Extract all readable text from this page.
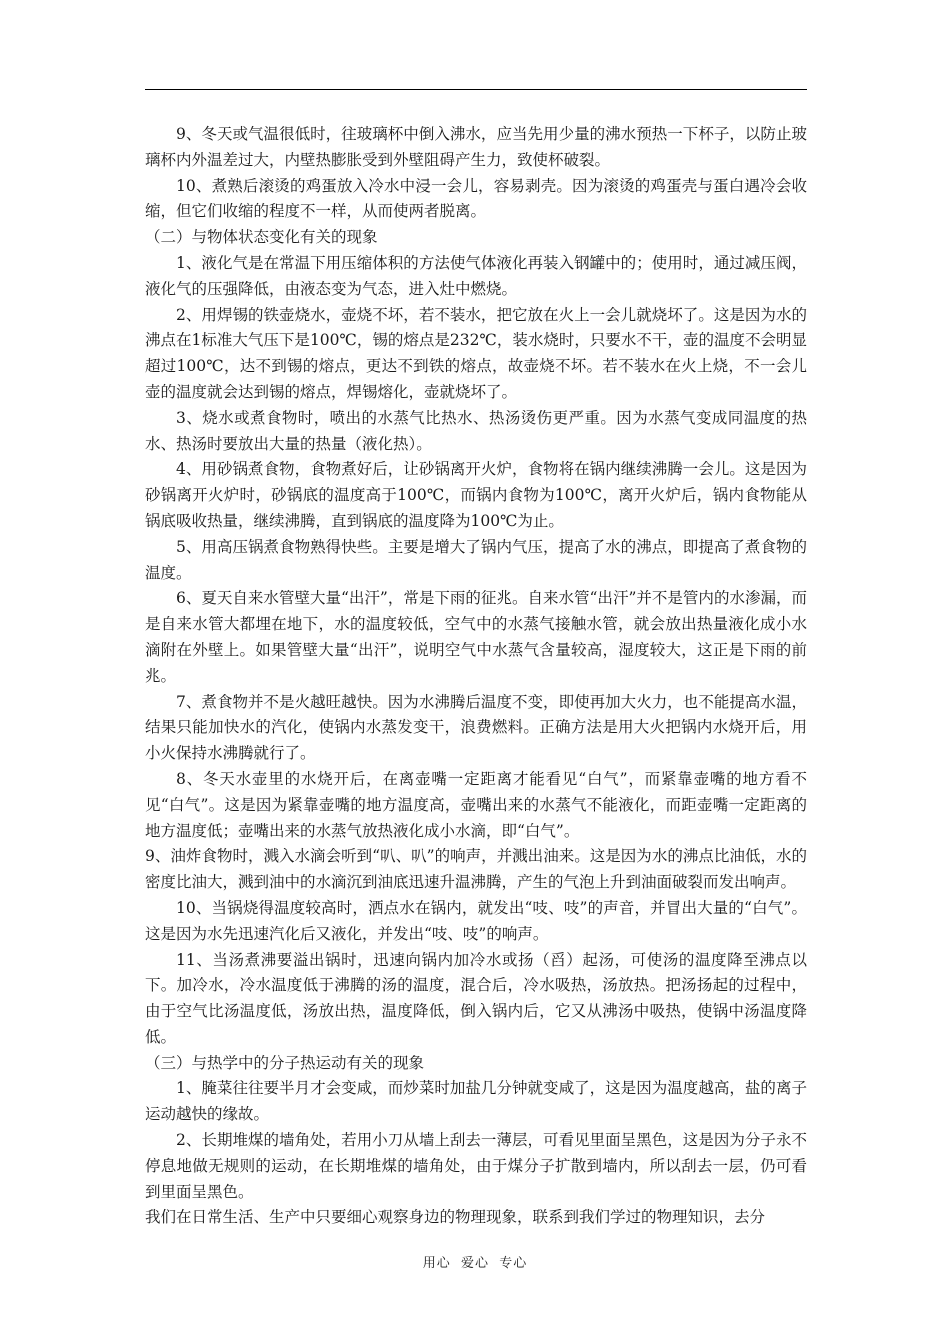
9、冬天或气温很低时，往玻璃杯中倒入沸水，应当先用少量的沸水预热一下杯子，以防止玻璃杯内外温差过大，内壁热膨胀受到外壁阻碍产生力，致使杯破裂。

10、煮熟后滚烫的鸡蛋放入冷水中浸一会儿，容易剥壳。因为滚烫的鸡蛋壳与蛋白遇冷会收缩，但它们收缩的程度不一样，从而使两者脱离。

（二）与物体状态变化有关的现象

1、液化气是在常温下用压缩体积的方法使气体液化再装入钢罐中的；使用时，通过减压阀，液化气的压强降低，由液态变为气态，进入灶中燃烧。

2、用焊锡的铁壶烧水，壶烧不坏，若不装水，把它放在火上一会儿就烧坏了。这是因为水的沸点在1标准大气压下是100℃，锡的熔点是232℃，装水烧时，只要水不干，壶的温度不会明显超过100℃，达不到锡的熔点，更达不到铁的熔点，故壶烧不坏。若不装水在火上烧，不一会儿壶的温度就会达到锡的熔点，焊锡熔化，壶就烧坏了。

3、烧水或煮食物时，喷出的水蒸气比热水、热汤烫伤更严重。因为水蒸气变成同温度的热水、热汤时要放出大量的热量（液化热）。

4、用砂锅煮食物，食物煮好后，让砂锅离开火炉，食物将在锅内继续沸腾一会儿。这是因为砂锅离开火炉时，砂锅底的温度高于100℃，而锅内食物为100℃，离开火炉后，锅内食物能从锅底吸收热量，继续沸腾，直到锅底的温度降为100℃为止。

5、用高压锅煮食物熟得快些。主要是增大了锅内气压，提高了水的沸点，即提高了煮食物的温度。

6、夏天自来水管壁大量“出汗”，常是下雨的征兆。自来水管“出汗”并不是管内的水渗漏，而是自来水管大都埋在地下，水的温度较低，空气中的水蒸气接触水管，就会放出热量液化成小水滴附在外壁上。如果管壁大量“出汗”，说明空气中水蒸气含量较高，湿度较大，这正是下雨的前兆。

7、煮食物并不是火越旺越快。因为水沸腾后温度不变，即使再加大火力，也不能提高水温，结果只能加快水的汽化，使锅内水蒸发变干，浪费燃料。正确方法是用大火把锅内水烧开后，用小火保持水沸腾就行了。

8、冬天水壶里的水烧开后，在离壶嘴一定距离才能看见“白气”，而紧靠壶嘴的地方看不见“白气”。这是因为紧靠壶嘴的地方温度高，壶嘴出来的水蒸气不能液化，而距壶嘴一定距离的地方温度低；壶嘴出来的水蒸气放热液化成小水滴，即“白气”。

9、油炸食物时，溅入水滴会听到“叭、叭”的响声，并溅出油来。这是因为水的沸点比油低，水的密度比油大，溅到油中的水滴沉到油底迅速升温沸腾，产生的气泡上升到油面破裂而发出响声。

10、当锅烧得温度较高时，洒点水在锅内，就发出“吱、吱”的声音，并冒出大量的“白气”。这是因为水先迅速汽化后又液化，并发出“吱、吱”的响声。

11、当汤煮沸要溢出锅时，迅速向锅内加冷水或扬（舀）起汤，可使汤的温度降至沸点以下。加冷水，冷水温度低于沸腾的汤的温度，混合后，冷水吸热，汤放热。把汤扬起的过程中，由于空气比汤温度低，汤放出热，温度降低，倒入锅内后，它又从沸汤中吸热，使锅中汤温度降低。

（三）与热学中的分子热运动有关的现象

1、腌菜往往要半月才会变咸，而炒菜时加盐几分钟就变咸了，这是因为温度越高，盐的离子运动越快的缘故。

2、长期堆煤的墙角处，若用小刀从墙上刮去一薄层，可看见里面呈黑色，这是因为分子永不停息地做无规则的运动，在长期堆煤的墙角处，由于煤分子扩散到墙内，所以刮去一层，仍可看到里面呈黑色。

我们在日常生活、生产中只要细心观察身边的物理现象，联系到我们学过的物理知识，去分

用心  爱心  专心
